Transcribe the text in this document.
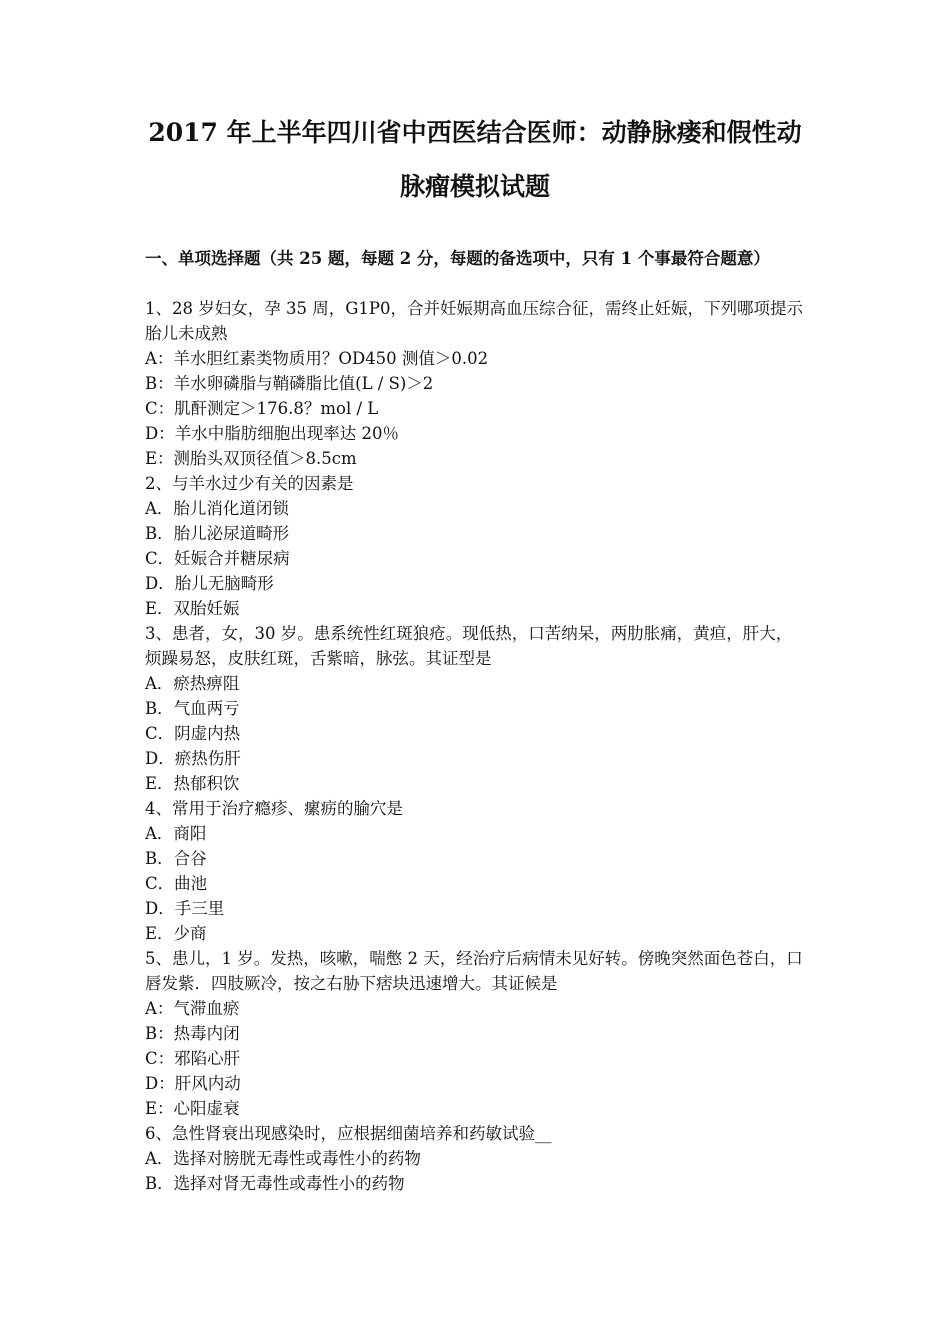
2017 年上半年四川省中西医结合医师：动静脉瘘和假性动
脉瘤模拟试题
一、单项选择题（共 25 题，每题 2 分，每题的备选项中，只有 1 个事最符合题意）
1、28 岁妇女，孕 35 周，G1P0，合并妊娠期高血压综合征，需终止妊娠，下列哪项提示胎儿未成熟
A：羊水胆红素类物质用？OD450 测值＞0.02
B：羊水卵磷脂与鞘磷脂比值(L / S)＞2
C：肌酐测定＞176.8？mol / L
D：羊水中脂肪细胞出现率达 20％
E：测胎头双顶径值＞8.5cm
2、与羊水过少有关的因素是
A．胎儿消化道闭锁
B．胎儿泌尿道畸形
C．妊娠合并糖尿病
D．胎儿无脑畸形
E．双胎妊娠
3、患者，女，30 岁。患系统性红斑狼疮。现低热，口苦纳呆，两肋胀痛，黄疸，肝大，烦躁易怒，皮肤红斑，舌紫暗，脉弦。其证型是
A．瘀热痹阻
B．气血两亏
C．阴虚内热
D．瘀热伤肝
E．热郁积饮
4、常用于治疗瘾疹、瘰疬的腧穴是
A．商阳
B．合谷
C．曲池
D．手三里
E．少商
5、患儿，1 岁。发热，咳嗽，喘憋 2 天，经治疗后病情未见好转。傍晚突然面色苍白，口唇发紫．四肢厥冷，按之右胁下痞块迅速增大。其证候是
A：气滞血瘀
B：热毒内闭
C：邪陷心肝
D：肝风内动
E：心阳虚衰
6、急性肾衰出现感染时，应根据细菌培养和药敏试验__
A．选择对膀胱无毒性或毒性小的药物
B．选择对肾无毒性或毒性小的药物
